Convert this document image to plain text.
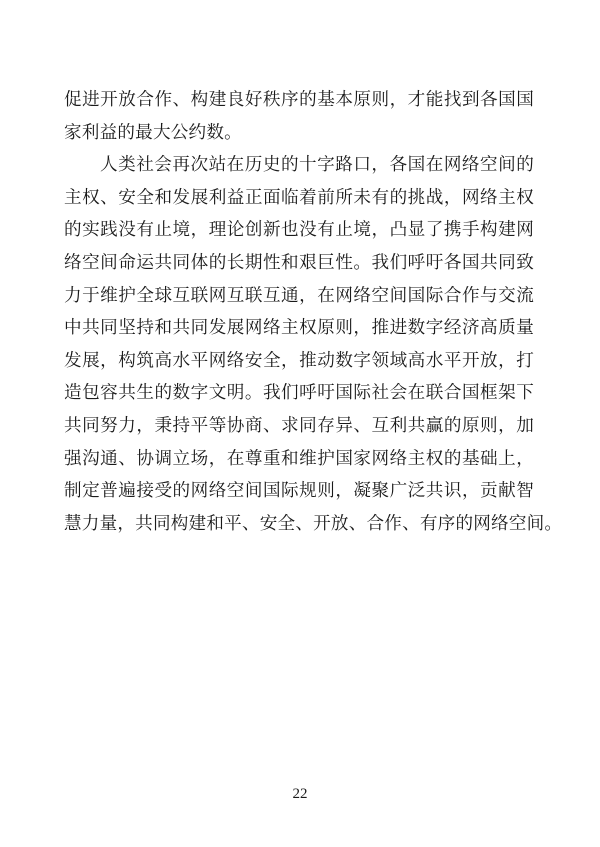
促进开放合作、构建良好秩序的基本原则，才能找到各国国
家利益的最大公约数。
人类社会再次站在历史的十字路口，各国在网络空间的
主权、安全和发展利益正面临着前所未有的挑战，网络主权
的实践没有止境，理论创新也没有止境，凸显了携手构建网
络空间命运共同体的长期性和艰巨性。我们呼吁各国共同致
力于维护全球互联网互联互通，在网络空间国际合作与交流
中共同坚持和共同发展网络主权原则，推进数字经济高质量
发展，构筑高水平网络安全，推动数字领域高水平开放，打
造包容共生的数字文明。我们呼吁国际社会在联合国框架下
共同努力，秉持平等协商、求同存异、互利共赢的原则，加
强沟通、协调立场，在尊重和维护国家网络主权的基础上，
制定普遍接受的网络空间国际规则，凝聚广泛共识，贡献智
慧力量，共同构建和平、安全、开放、合作、有序的网络空间。
22
